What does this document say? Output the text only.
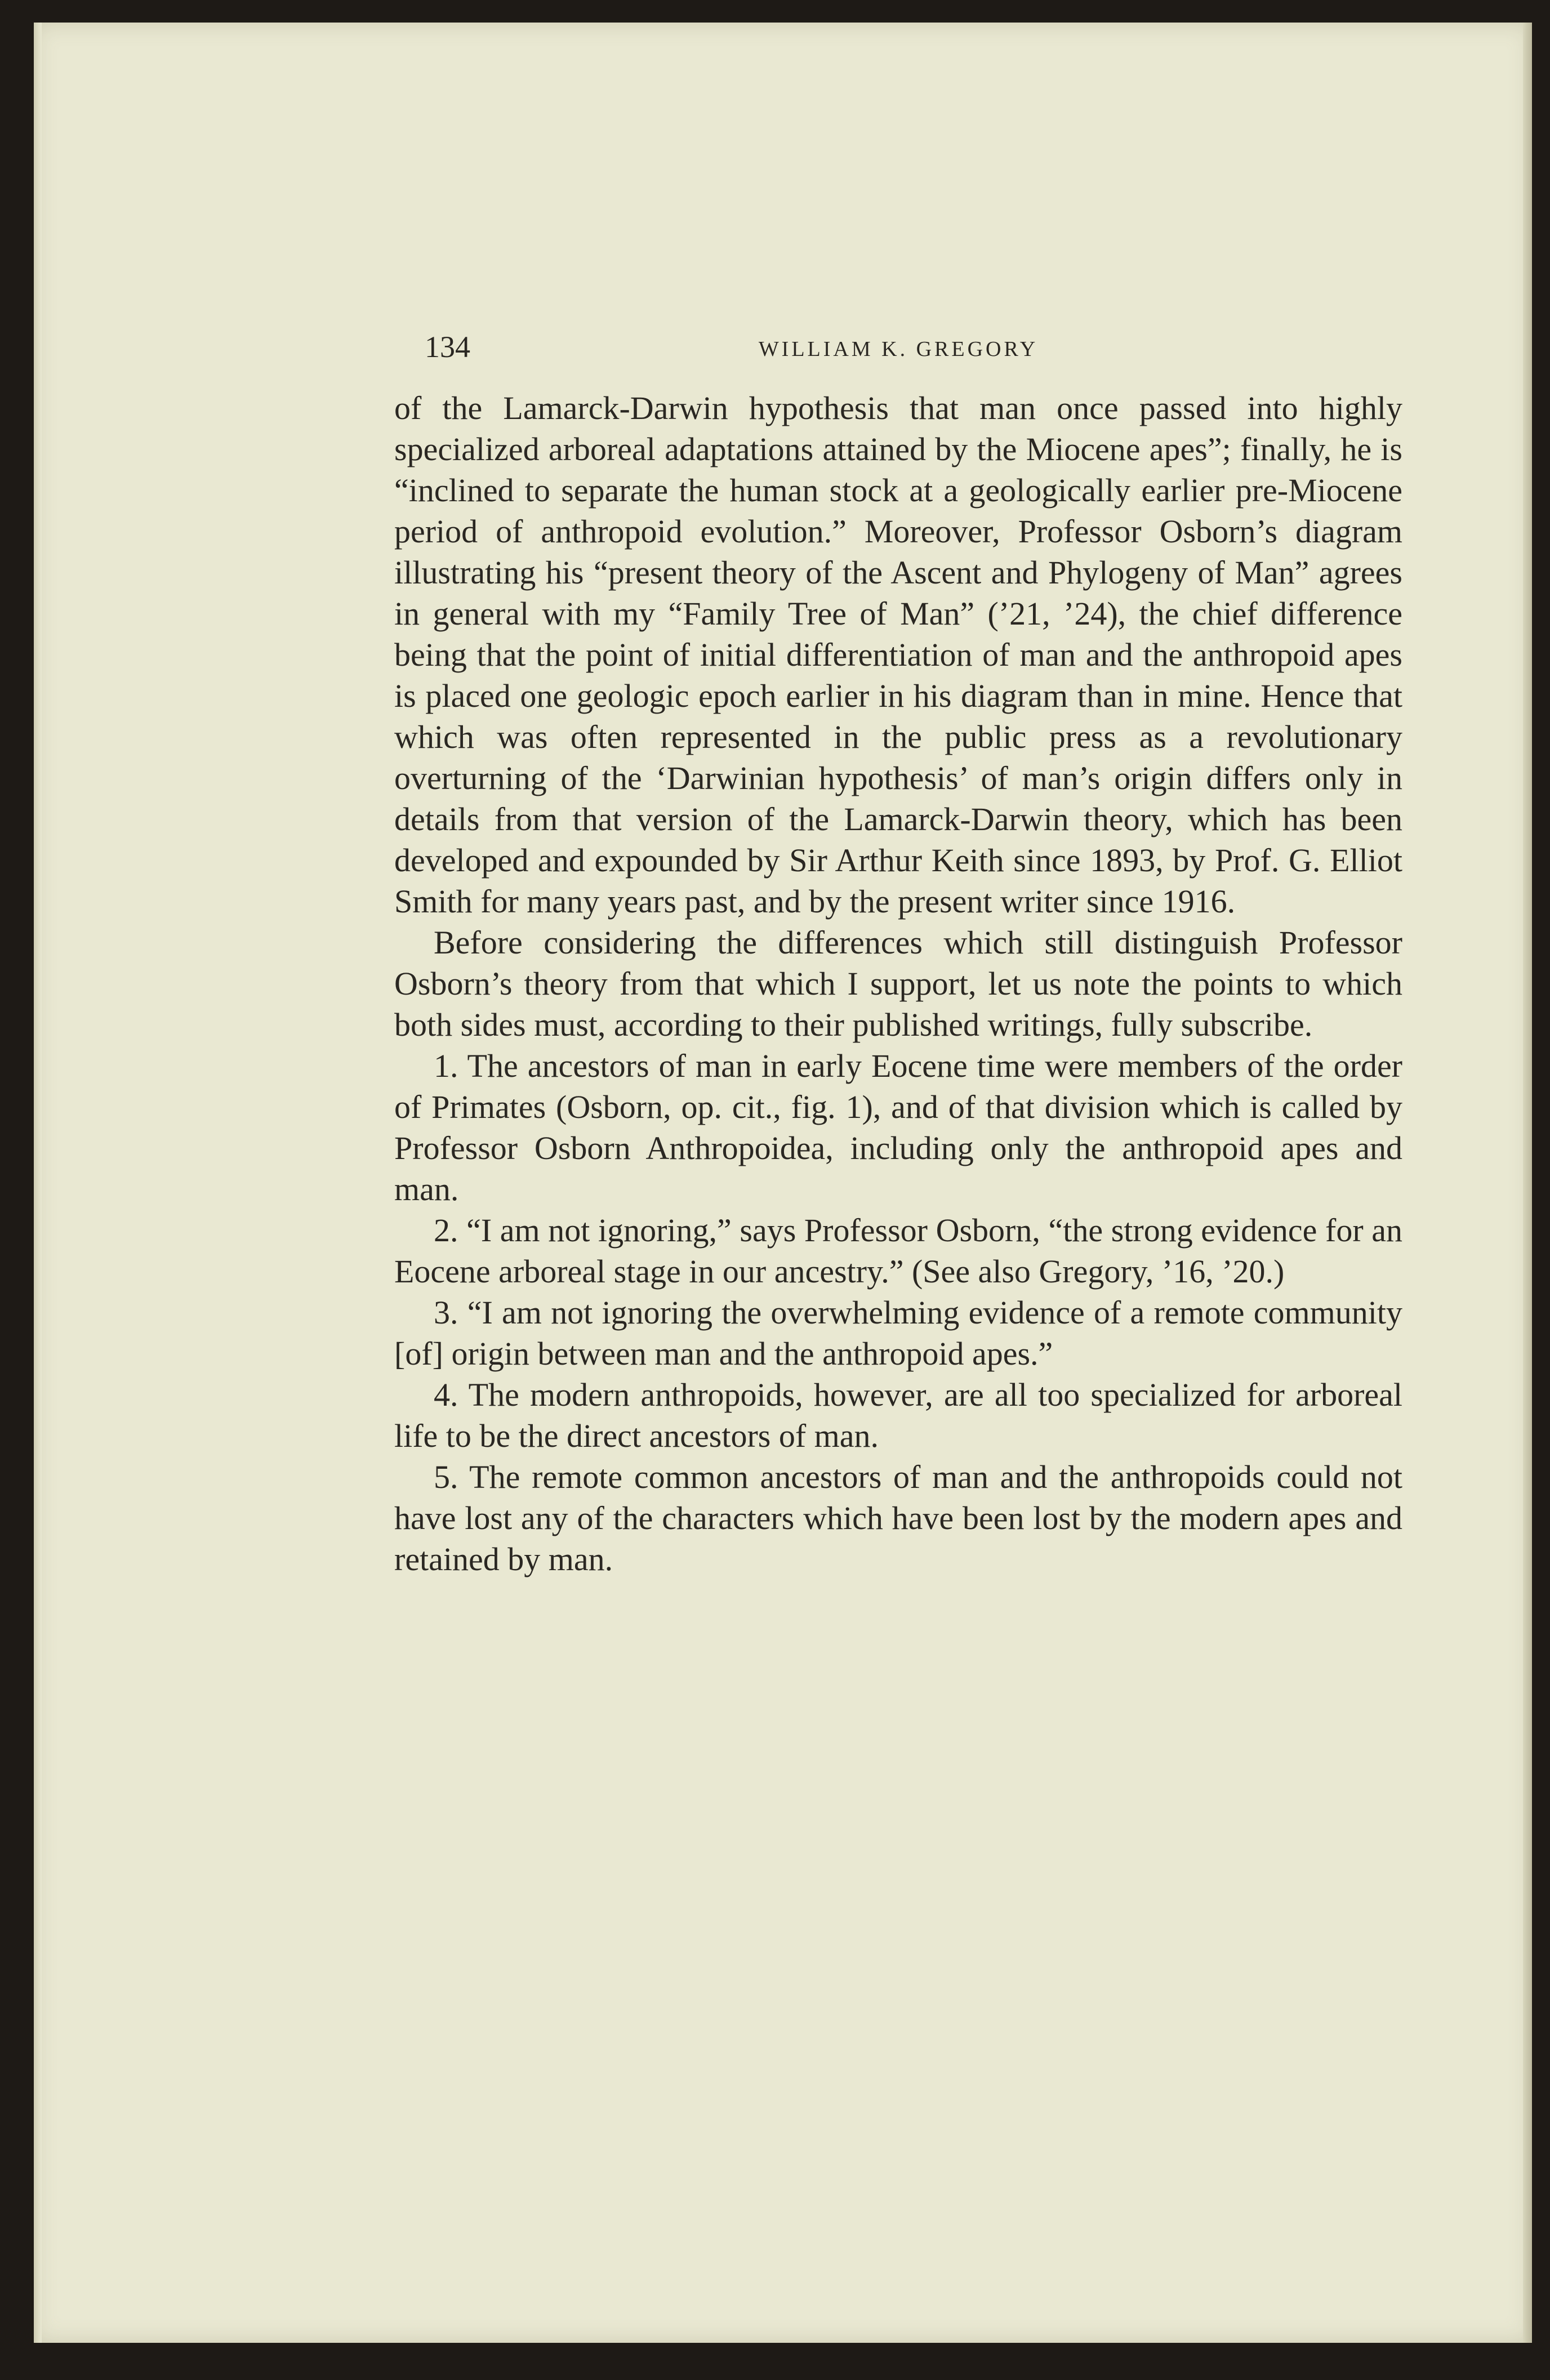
134	WILLIAM K. GREGORY

of the Lamarck-Darwin hypothesis that man once passed into highly specialized arboreal adaptations attained by the Miocene apes”; finally, he is “inclined to separate the human stock at a geologically earlier pre-Miocene period of anthropoid evolution.” Moreover, Professor Osborn’s diagram illustrating his “present theory of the Ascent and Phylogeny of Man” agrees in general with my “Family Tree of Man” (’21, ’24), the chief difference being that the point of initial differentiation of man and the anthropoid apes is placed one geologic epoch earlier in his diagram than in mine. Hence that which was often represented in the public press as a revolutionary overturning of the ‘Darwinian hypothesis’ of man’s origin differs only in details from that version of the Lamarck-Darwin theory, which has been developed and expounded by Sir Arthur Keith since 1893, by Prof. G. Elliot Smith for many years past, and by the present writer since 1916.

Before considering the differences which still distinguish Professor Osborn’s theory from that which I support, let us note the points to which both sides must, according to their published writings, fully subscribe.

1. The ancestors of man in early Eocene time were members of the order of Primates (Osborn, op. cit., fig. 1), and of that division which is called by Professor Osborn Anthropoidea, including only the anthropoid apes and man.

2. “I am not ignoring,” says Professor Osborn, “the strong evidence for an Eocene arboreal stage in our ancestry.” (See also Gregory, ’16, ’20.)

3. “I am not ignoring the overwhelming evidence of a remote community [of] origin between man and the anthropoid apes.”

4. The modern anthropoids, however, are all too specialized for arboreal life to be the direct ancestors of man.

5. The remote common ancestors of man and the anthropoids could not have lost any of the characters which have been lost by the modern apes and retained by man.
